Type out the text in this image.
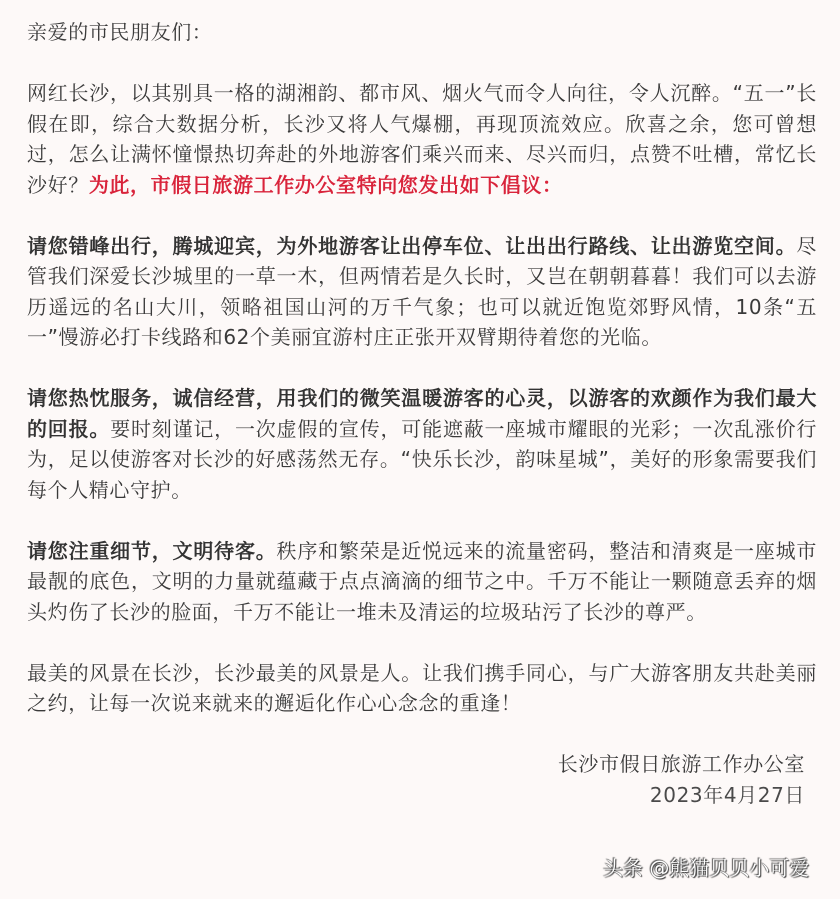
亲爱的市民朋友们：

网红长沙，以其别具一格的湖湘韵、都市风、烟火气而令人向往，令人沉醉。“五一”长假在即，综合大数据分析，长沙又将人气爆棚，再现顶流效应。欣喜之余，您可曾想过，怎么让满怀憧憬热切奔赴的外地游客们乘兴而来、尽兴而归，点赞不吐槽，常忆长沙好？为此，市假日旅游工作办公室特向您发出如下倡议：

请您错峰出行，腾城迎宾，为外地游客让出停车位、让出出行路线、让出游览空间。尽管我们深爱长沙城里的一草一木，但两情若是久长时，又岂在朝朝暮暮！我们可以去游历遥远的名山大川，领略祖国山河的万千气象；也可以就近饱览郊野风情，10条“五一”慢游必打卡线路和62个美丽宜游村庄正张开双臂期待着您的光临。

请您热忱服务，诚信经营，用我们的微笑温暖游客的心灵，以游客的欢颜作为我们最大的回报。要时刻谨记，一次虚假的宣传，可能遮蔽一座城市耀眼的光彩；一次乱涨价行为，足以使游客对长沙的好感荡然无存。“快乐长沙，韵味星城”，美好的形象需要我们每个人精心守护。

请您注重细节，文明待客。秩序和繁荣是近悦远来的流量密码，整洁和清爽是一座城市最靓的底色，文明的力量就蕴藏于点点滴滴的细节之中。千万不能让一颗随意丢弃的烟头灼伤了长沙的脸面，千万不能让一堆未及清运的垃圾玷污了长沙的尊严。

最美的风景在长沙，长沙最美的风景是人。让我们携手同心，与广大游客朋友共赴美丽之约，让每一次说来就来的邂逅化作心心念念的重逢！

长沙市假日旅游工作办公室

2023年4月27日

头条 @熊猫贝贝小可爱
